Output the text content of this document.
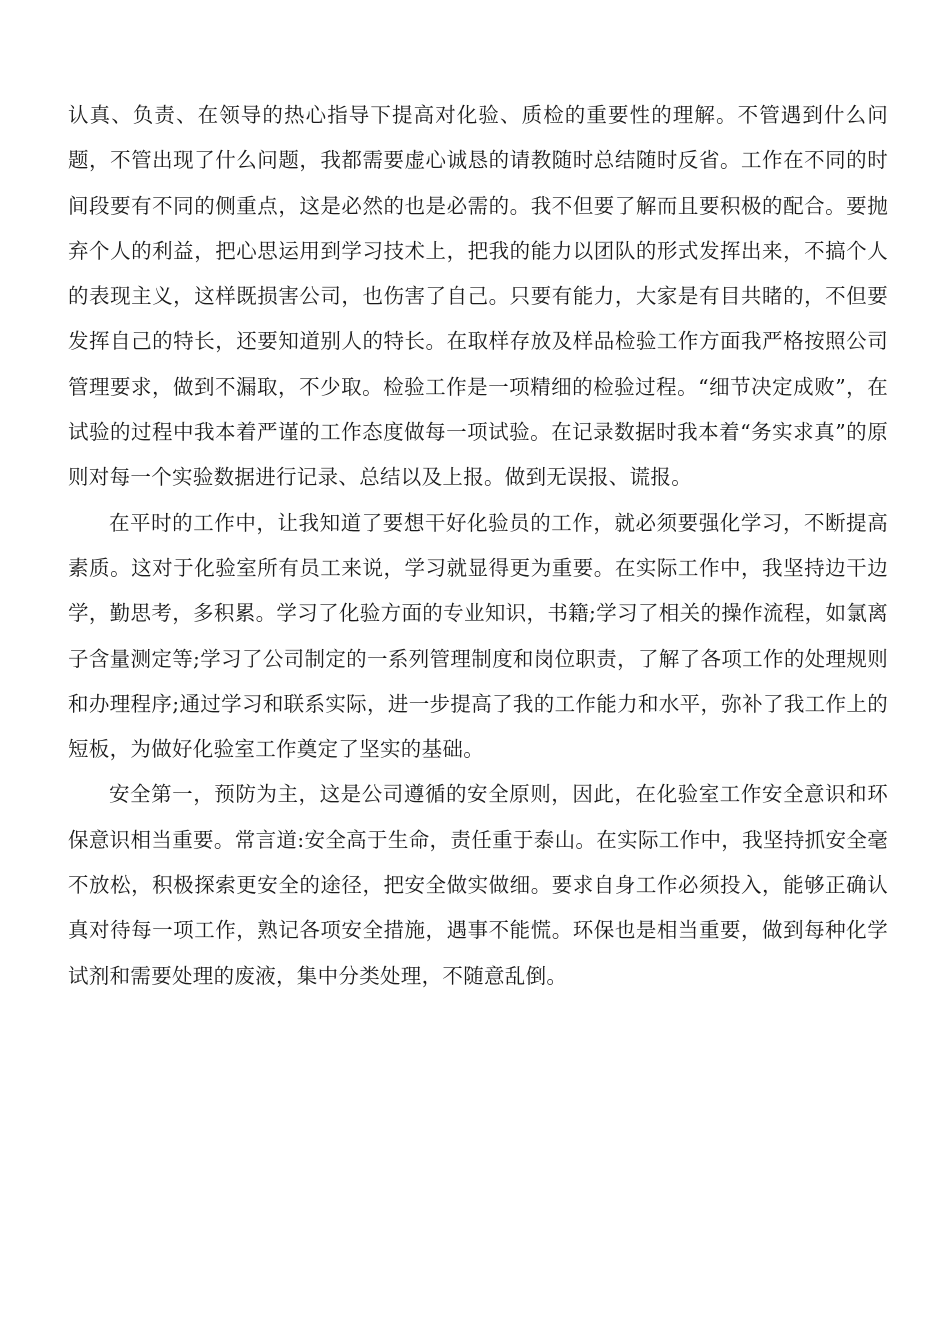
认真、负责、在领导的热心指导下提高对化验、质检的重要性的理解。不管遇到什么问题，不管出现了什么问题，我都需要虚心诚恳的请教随时总结随时反省。工作在不同的时间段要有不同的侧重点，这是必然的也是必需的。我不但要了解而且要积极的配合。要抛弃个人的利益，把心思运用到学习技术上，把我的能力以团队的形式发挥出来，不搞个人的表现主义，这样既损害公司，也伤害了自己。只要有能力，大家是有目共睹的，不但要发挥自己的特长，还要知道别人的特长。在取样存放及样品检验工作方面我严格按照公司管理要求，做到不漏取，不少取。检验工作是一项精细的检验过程。“细节决定成败”，在试验的过程中我本着严谨的工作态度做每一项试验。在记录数据时我本着“务实求真”的原则对每一个实验数据进行记录、总结以及上报。做到无误报、谎报。

在平时的工作中，让我知道了要想干好化验员的工作，就必须要强化学习，不断提高素质。这对于化验室所有员工来说，学习就显得更为重要。在实际工作中，我坚持边干边学，勤思考，多积累。学习了化验方面的专业知识，书籍;学习了相关的操作流程，如氯离子含量测定等;学习了公司制定的一系列管理制度和岗位职责，了解了各项工作的处理规则和办理程序;通过学习和联系实际，进一步提高了我的工作能力和水平，弥补了我工作上的短板，为做好化验室工作奠定了坚实的基础。

安全第一，预防为主，这是公司遵循的安全原则，因此，在化验室工作安全意识和环保意识相当重要。常言道:安全高于生命，责任重于泰山。在实际工作中，我坚持抓安全毫不放松，积极探索更安全的途径，把安全做实做细。要求自身工作必须投入，能够正确认真对待每一项工作，熟记各项安全措施，遇事不能慌。环保也是相当重要，做到每种化学试剂和需要处理的废液，集中分类处理，不随意乱倒。
